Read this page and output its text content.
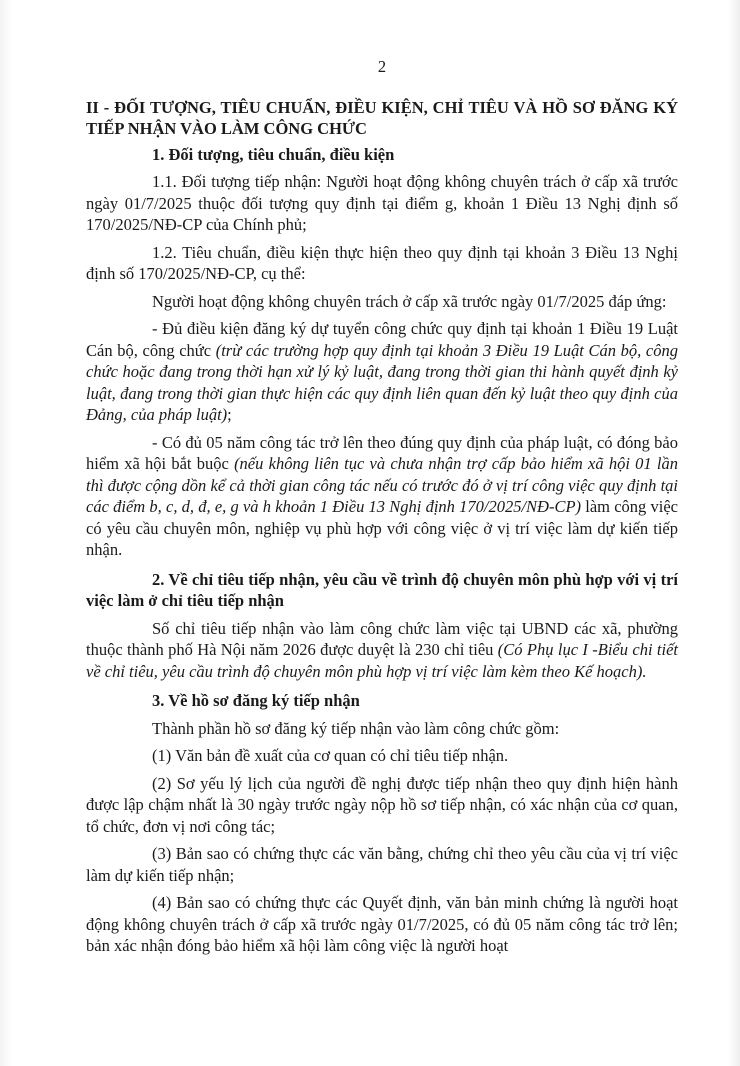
2
II - ĐỐI TƯỢNG, TIÊU CHUẨN, ĐIỀU KIỆN, CHỈ TIÊU VÀ HỒ SƠ ĐĂNG KÝ TIẾP NHẬN VÀO LÀM CÔNG CHỨC
1. Đối tượng, tiêu chuẩn, điều kiện
1.1. Đối tượng tiếp nhận: Người hoạt động không chuyên trách ở cấp xã trước ngày 01/7/2025 thuộc đối tượng quy định tại điểm g, khoản 1 Điều 13 Nghị định số 170/2025/NĐ-CP của Chính phủ;
1.2. Tiêu chuẩn, điều kiện thực hiện theo quy định tại khoản 3 Điều 13 Nghị định số 170/2025/NĐ-CP, cụ thể:
Người hoạt động không chuyên trách ở cấp xã trước ngày 01/7/2025 đáp ứng:
- Đủ điều kiện đăng ký dự tuyển công chức quy định tại khoản 1 Điều 19 Luật Cán bộ, công chức (trừ các trường hợp quy định tại khoản 3 Điều 19 Luật Cán bộ, công chức hoặc đang trong thời hạn xử lý kỷ luật, đang trong thời gian thi hành quyết định kỷ luật, đang trong thời gian thực hiện các quy định liên quan đến kỷ luật theo quy định của Đảng, của pháp luật);
- Có đủ 05 năm công tác trở lên theo đúng quy định của pháp luật, có đóng bảo hiểm xã hội bắt buộc (nếu không liên tục và chưa nhận trợ cấp bảo hiểm xã hội 01 lần thì được cộng dồn kể cả thời gian công tác nếu có trước đó ở vị trí công việc quy định tại các điểm b, c, d, đ, e, g và h khoản 1 Điều 13 Nghị định 170/2025/NĐ-CP) làm công việc có yêu cầu chuyên môn, nghiệp vụ phù hợp với công việc ở vị trí việc làm dự kiến tiếp nhận.
2. Về chỉ tiêu tiếp nhận, yêu cầu về trình độ chuyên môn phù hợp với vị trí việc làm ở chỉ tiêu tiếp nhận
Số chỉ tiêu tiếp nhận vào làm công chức làm việc tại UBND các xã, phường thuộc thành phố Hà Nội năm 2026 được duyệt là 230 chỉ tiêu (Có Phụ lục I -Biểu chi tiết về chỉ tiêu, yêu cầu trình độ chuyên môn phù hợp vị trí việc làm kèm theo Kế hoạch).
3. Về hồ sơ đăng ký tiếp nhận
Thành phần hồ sơ đăng ký tiếp nhận vào làm công chức gồm:
(1) Văn bản đề xuất của cơ quan có chỉ tiêu tiếp nhận.
(2) Sơ yếu lý lịch của người đề nghị được tiếp nhận theo quy định hiện hành được lập chậm nhất là 30 ngày trước ngày nộp hồ sơ tiếp nhận, có xác nhận của cơ quan, tổ chức, đơn vị nơi công tác;
(3) Bản sao có chứng thực các văn bằng, chứng chỉ theo yêu cầu của vị trí việc làm dự kiến tiếp nhận;
(4) Bản sao có chứng thực các Quyết định, văn bản minh chứng là người hoạt động không chuyên trách ở cấp xã trước ngày 01/7/2025, có đủ 05 năm công tác trở lên; bản xác nhận đóng bảo hiểm xã hội làm công việc là người hoạt
